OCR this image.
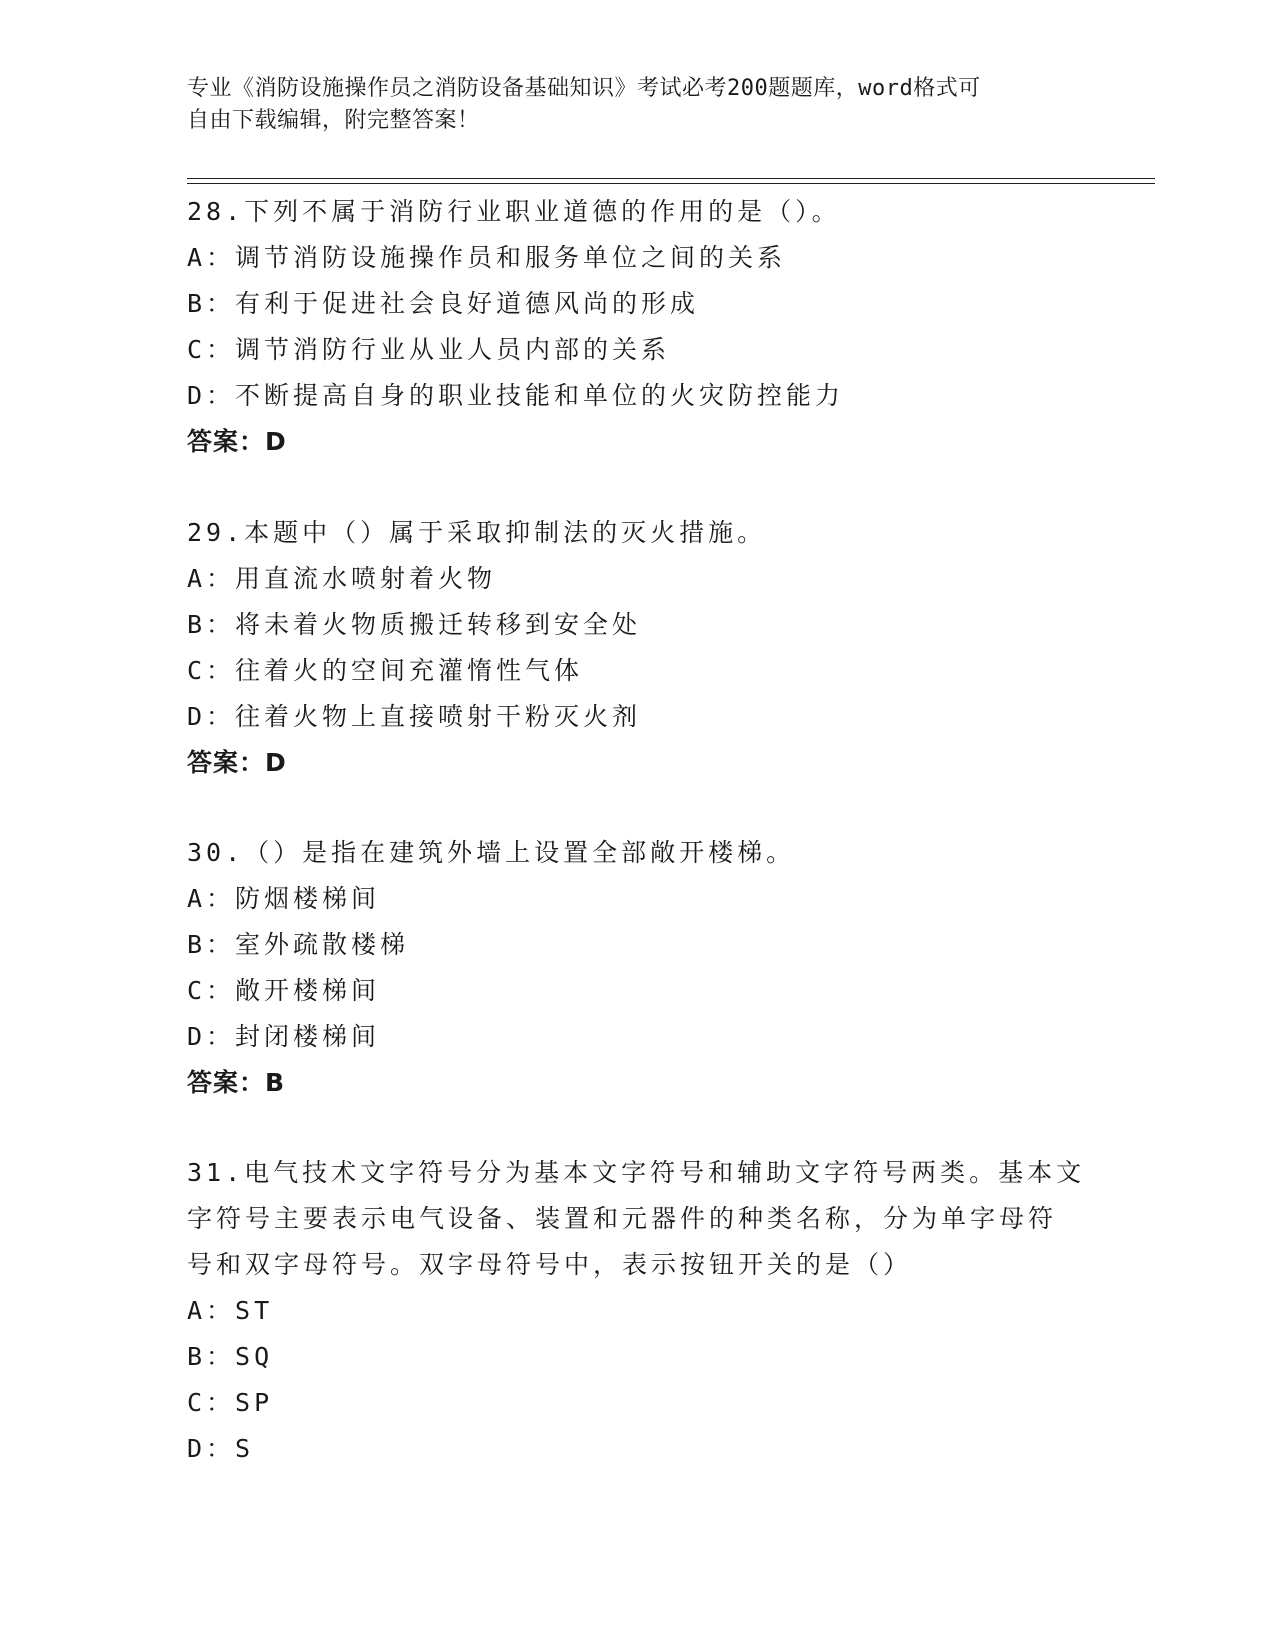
专业《消防设施操作员之消防设备基础知识》考试必考200题题库，word格式可
自由下载编辑，附完整答案！
28.下列不属于消防行业职业道德的作用的是（）。
A：调节消防设施操作员和服务单位之间的关系
B：有利于促进社会良好道德风尚的形成
C：调节消防行业从业人员内部的关系
D：不断提高自身的职业技能和单位的火灾防控能力
答案：D
29.本题中（）属于采取抑制法的灭火措施。
A：用直流水喷射着火物
B：将未着火物质搬迁转移到安全处
C：往着火的空间充灌惰性气体
D：往着火物上直接喷射干粉灭火剂
答案：D
30.（）是指在建筑外墙上设置全部敞开楼梯。
A：防烟楼梯间
B：室外疏散楼梯
C：敞开楼梯间
D：封闭楼梯间
答案：B
31.电气技术文字符号分为基本文字符号和辅助文字符号两类。基本文
字符号主要表示电气设备、装置和元器件的种类名称，分为单字母符
号和双字母符号。双字母符号中，表示按钮开关的是（）
A：ST
B：SQ
C：SP
D：S
